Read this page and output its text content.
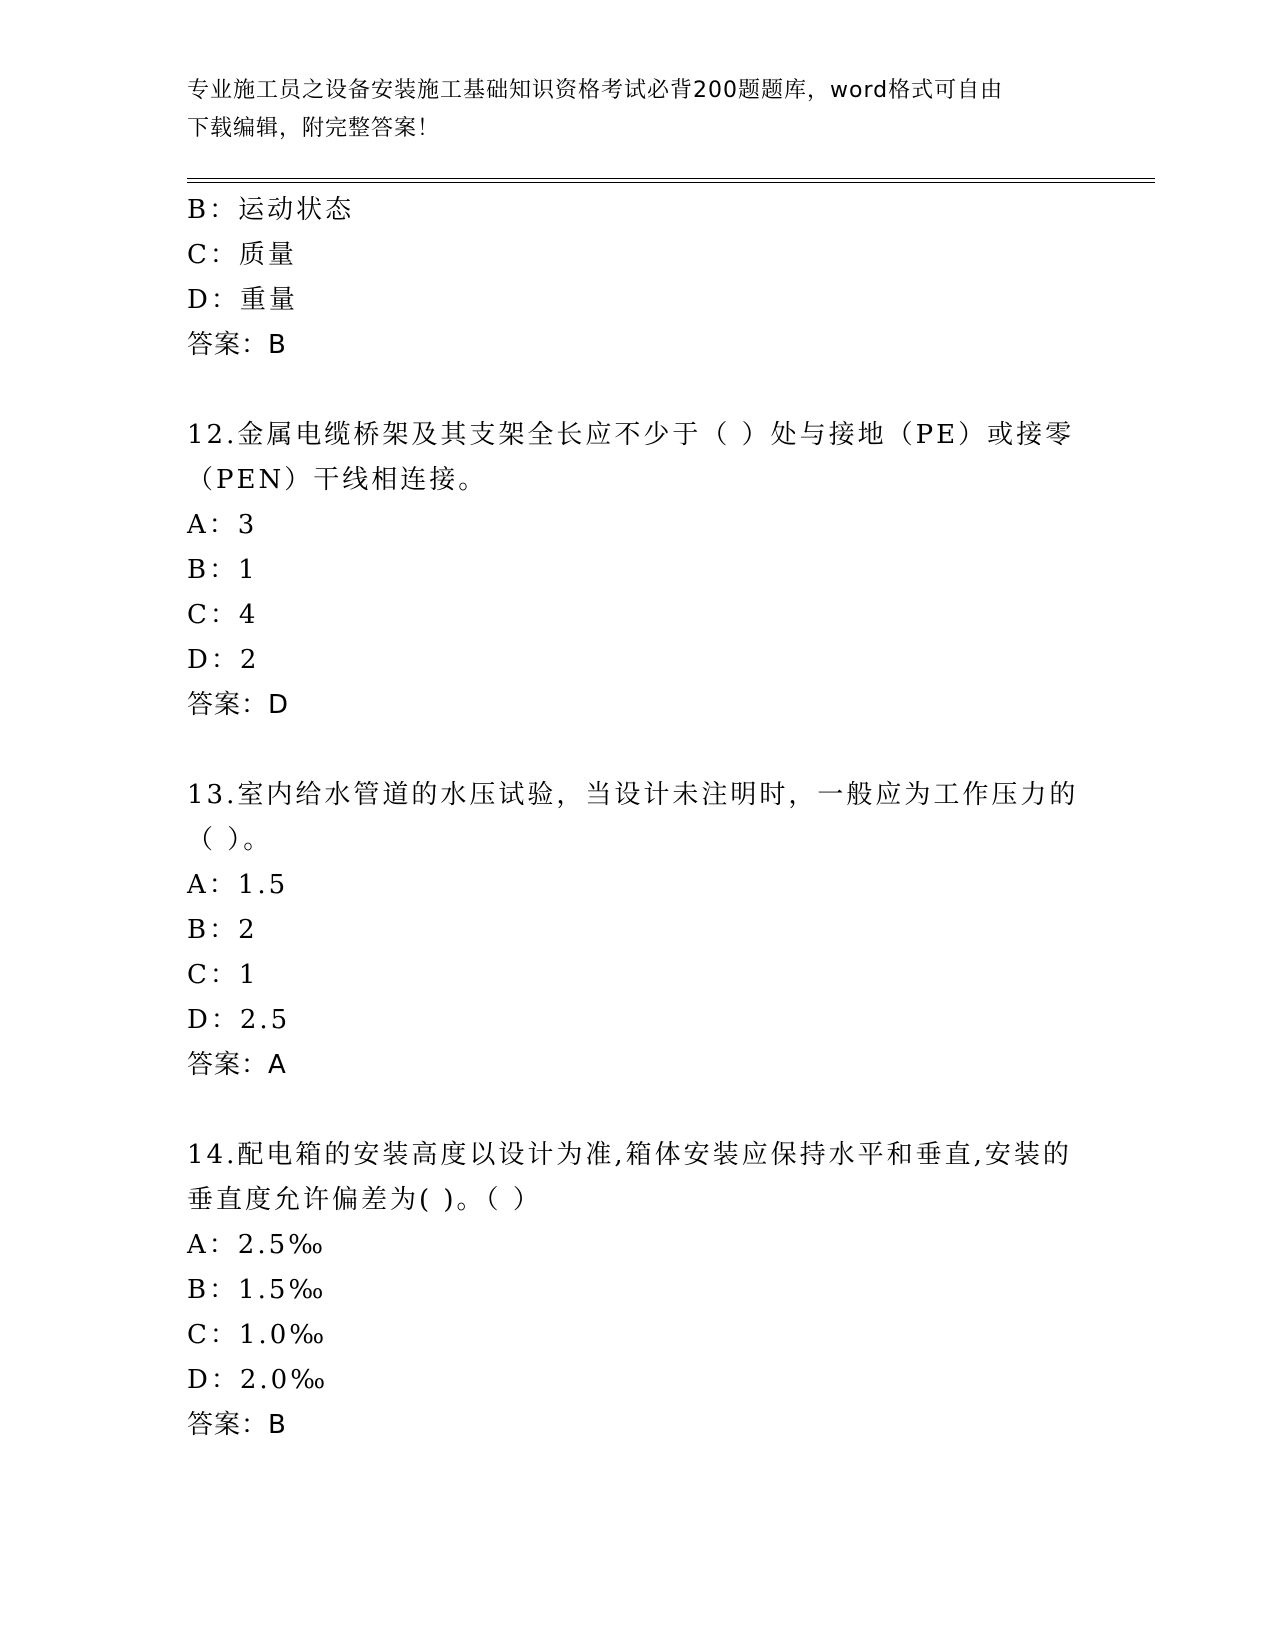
专业施工员之设备安装施工基础知识资格考试必背200题题库，word格式可自由
下载编辑，附完整答案！
B：运动状态
C：质量
D：重量
答案：B
12.金属电缆桥架及其支架全长应不少于（ ）处与接地（PE）或接零
（PEN）干线相连接。
A：3
B：1
C：4
D：2
答案：D
13.室内给水管道的水压试验，当设计未注明时，一般应为工作压力的
（ ）。
A：1.5
B：2
C：1
D：2.5
答案：A
14.配电箱的安装高度以设计为准,箱体安装应保持水平和垂直,安装的
垂直度允许偏差为( )。（ ）
A：2.5‰
B：1.5‰
C：1.0‰
D：2.0‰
答案：B
